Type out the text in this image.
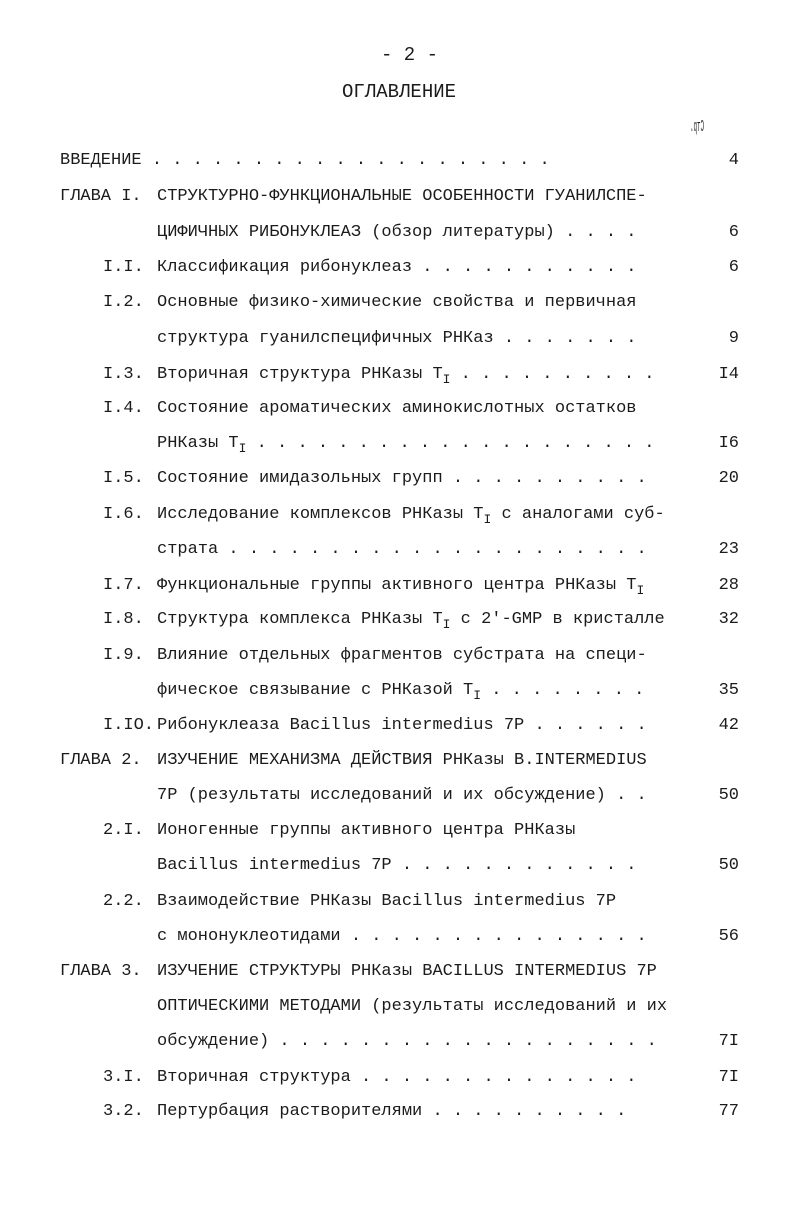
- 2 -
ОГЛАВЛЕНИЕ
Стр.
ВВЕДЕНИЕ . . . . . . . . . . . . . . . . . . . .	4
ГЛАВА I. СТРУКТУРНО-ФУНКЦИОНАЛЬНЫЕ ОСОБЕННОСТИ ГУАНИЛСПЕ-
ЦИФИЧНЫХ РИБОНУКЛЕАЗ (обзор литературы) . . . .	6
I.I. Классификация рибонуклеаз . . . . . . . . . . .	6
I.2. Основные физико-химические свойства и первичная
структура гуанилспецифичных РНКаз . . . . . . .	9
I.3. Вторичная структура РНКазы $T_I$ . . . . . . . . . .	I4
I.4. Состояние ароматических аминокислотных остатков
РНКазы $T_I$ . . . . . . . . . . . . . . . . . . . .	I6
I.5. Состояние имидазольных групп . . . . . . . . . .	20
I.6. Исследование комплексов РНКазы $T_I$ с аналогами суб-
страта . . . . . . . . . . . . . . . . . . . . .	23
I.7. Функциональные группы активного центра РНКазы $T_I$	28
I.8. Структура комплекса РНКазы $T_I$ с 2'-GMP в кристалле	32
I.9. Влияние отдельных фрагментов субстрата на специ-
фическое связывание с РНКазой $T_I$ . . . . . . . .	35
I.IO. Рибонуклеаза Bacillus intermedius 7P . . . . . .	42
ГЛАВА 2. ИЗУЧЕНИЕ МЕХАНИЗМА ДЕЙСТВИЯ РНКазы B.INTERMEDIUS
7P (результаты исследований и их обсуждение) . .	50
2.I. Ионогенные группы активного центра РНКазы
Bacillus intermedius 7P . . . . . . . . . . . .	50
2.2. Взаимодействие РНКазы Bacillus intermedius 7P
с мононуклеотидами . . . . . . . . . . . . . . .	56
ГЛАВА 3. ИЗУЧЕНИЕ СТРУКТУРЫ РНКазы BACILLUS INTERMEDIUS 7P
ОПТИЧЕСКИМИ МЕТОДАМИ (результаты исследований и их
обсуждение) . . . . . . . . . . . . . . . . . . .	7I
3.I. Вторичная структура . . . . . . . . . . . . . .	7I
3.2. Пертурбация растворителями . . . . . . . . . .	77
